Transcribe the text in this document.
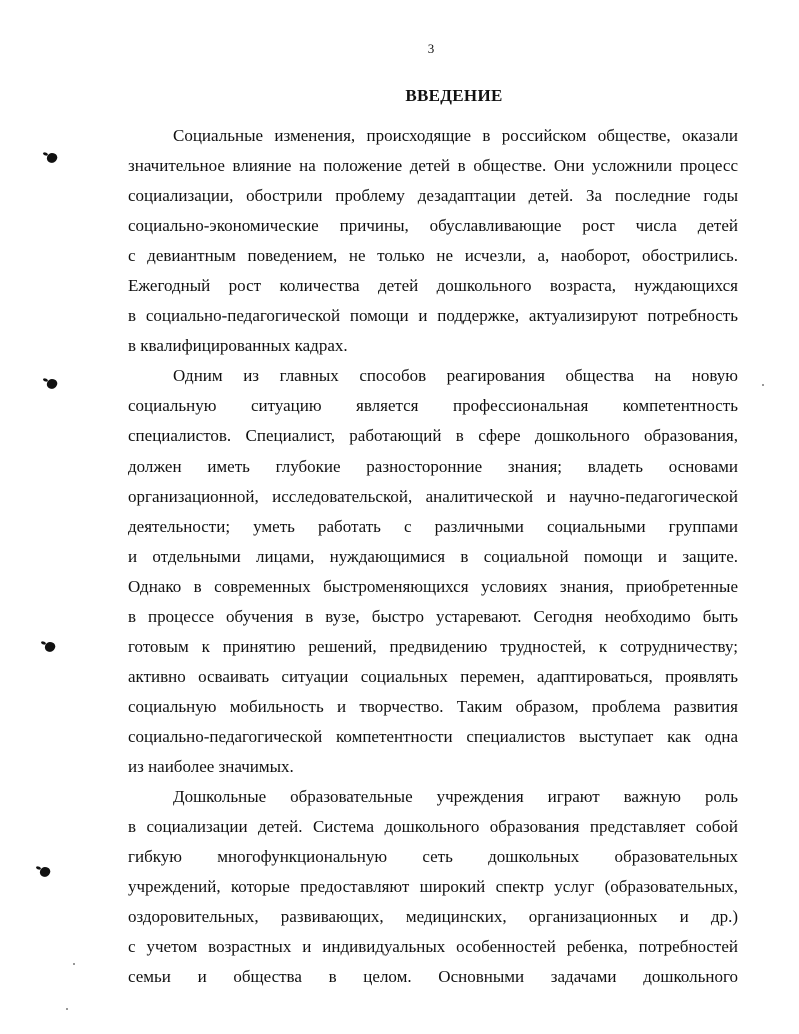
3
ВВЕДЕНИЕ
Социальные изменения, происходящие в российском обществе, оказали
значительное влияние на положение детей в обществе. Они усложнили процесс
социализации, обострили проблему дезадаптации детей. За последние годы
социально-экономические причины, обуславливающие рост числа детей
с девиантным поведением, не только не исчезли, а, наоборот, обострились.
Ежегодный рост количества детей дошкольного возраста, нуждающихся
в социально-педагогической помощи и поддержке, актуализируют потребность
в квалифицированных кадрах.
Одним из главных способов реагирования общества на новую
социальную ситуацию является профессиональная компетентность
специалистов. Специалист, работающий в сфере дошкольного образования,
должен иметь глубокие разносторонние знания; владеть основами
организационной, исследовательской, аналитической и научно-педагогической
деятельности; уметь работать с различными социальными группами
и отдельными лицами, нуждающимися в социальной помощи и защите.
Однако в современных быстроменяющихся условиях знания, приобретенные
в процессе обучения в вузе, быстро устаревают. Сегодня необходимо быть
готовым к принятию решений, предвидению трудностей, к сотрудничеству;
активно осваивать ситуации социальных перемен, адаптироваться, проявлять
социальную мобильность и творчество. Таким образом, проблема развития
социально-педагогической компетентности специалистов выступает как одна
из наиболее значимых.
Дошкольные образовательные учреждения играют важную роль
в социализации детей. Система дошкольного образования представляет собой
гибкую многофункциональную сеть дошкольных образовательных
учреждений, которые предоставляют широкий спектр услуг (образовательных,
оздоровительных, развивающих, медицинских, организационных и др.)
с учетом возрастных и индивидуальных особенностей ребенка, потребностей
семьи и общества в целом. Основными задачами дошкольного
